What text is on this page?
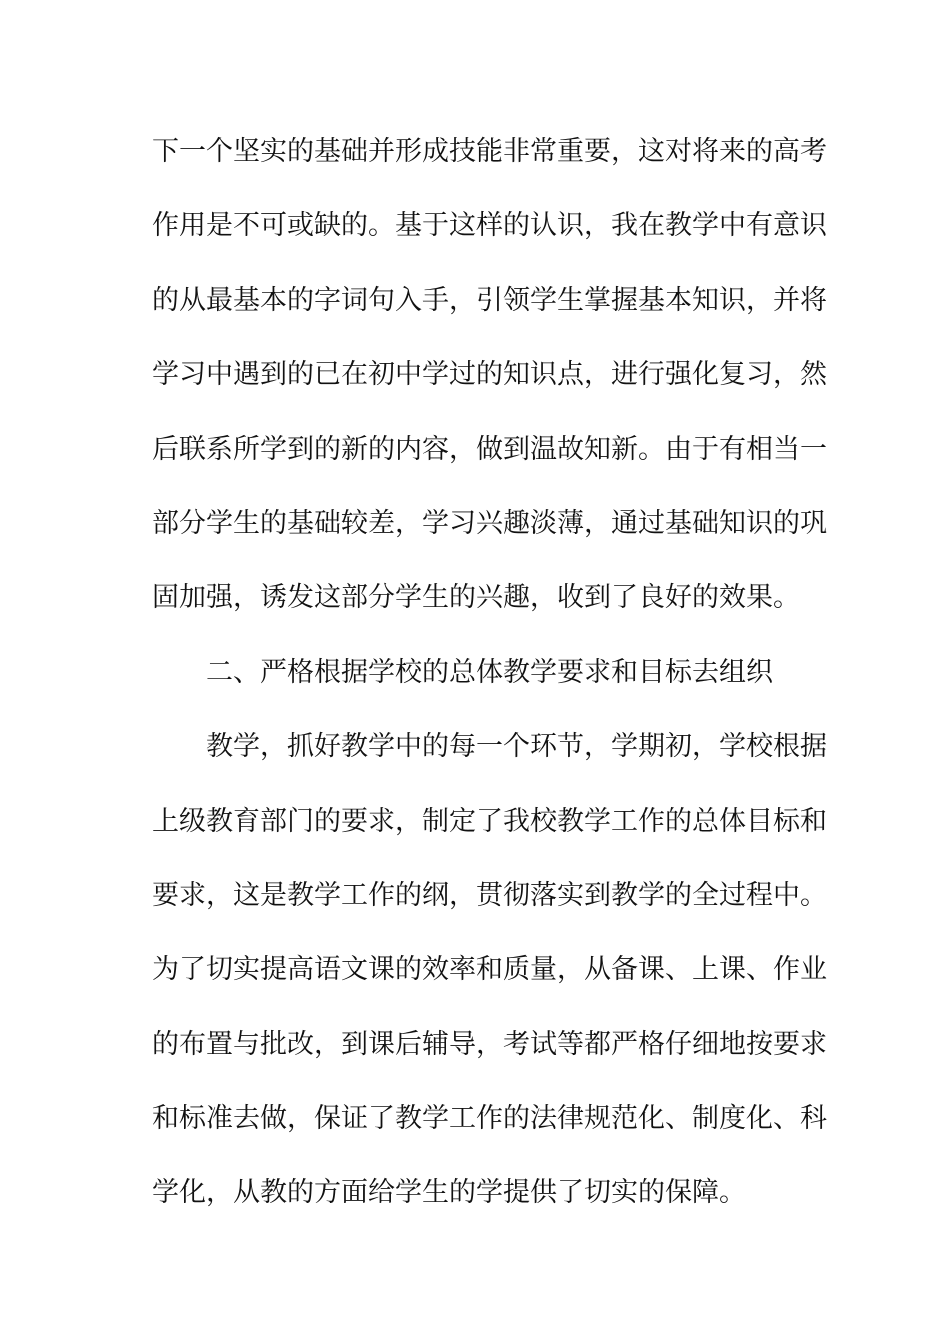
下一个坚实的基础并形成技能非常重要，这对将来的高考
作用是不可或缺的。基于这样的认识，我在教学中有意识
的从最基本的字词句入手，引领学生掌握基本知识，并将
学习中遇到的已在初中学过的知识点，进行强化复习，然
后联系所学到的新的内容，做到温故知新。由于有相当一
部分学生的基础较差，学习兴趣淡薄，通过基础知识的巩
固加强，诱发这部分学生的兴趣，收到了良好的效果。
二、严格根据学校的总体教学要求和目标去组织
教学，抓好教学中的每一个环节，学期初，学校根据
上级教育部门的要求，制定了我校教学工作的总体目标和
要求，这是教学工作的纲，贯彻落实到教学的全过程中。
为了切实提高语文课的效率和质量，从备课、上课、作业
的布置与批改，到课后辅导，考试等都严格仔细地按要求
和标准去做，保证了教学工作的法律规范化、制度化、科
学化，从教的方面给学生的学提供了切实的保障。
